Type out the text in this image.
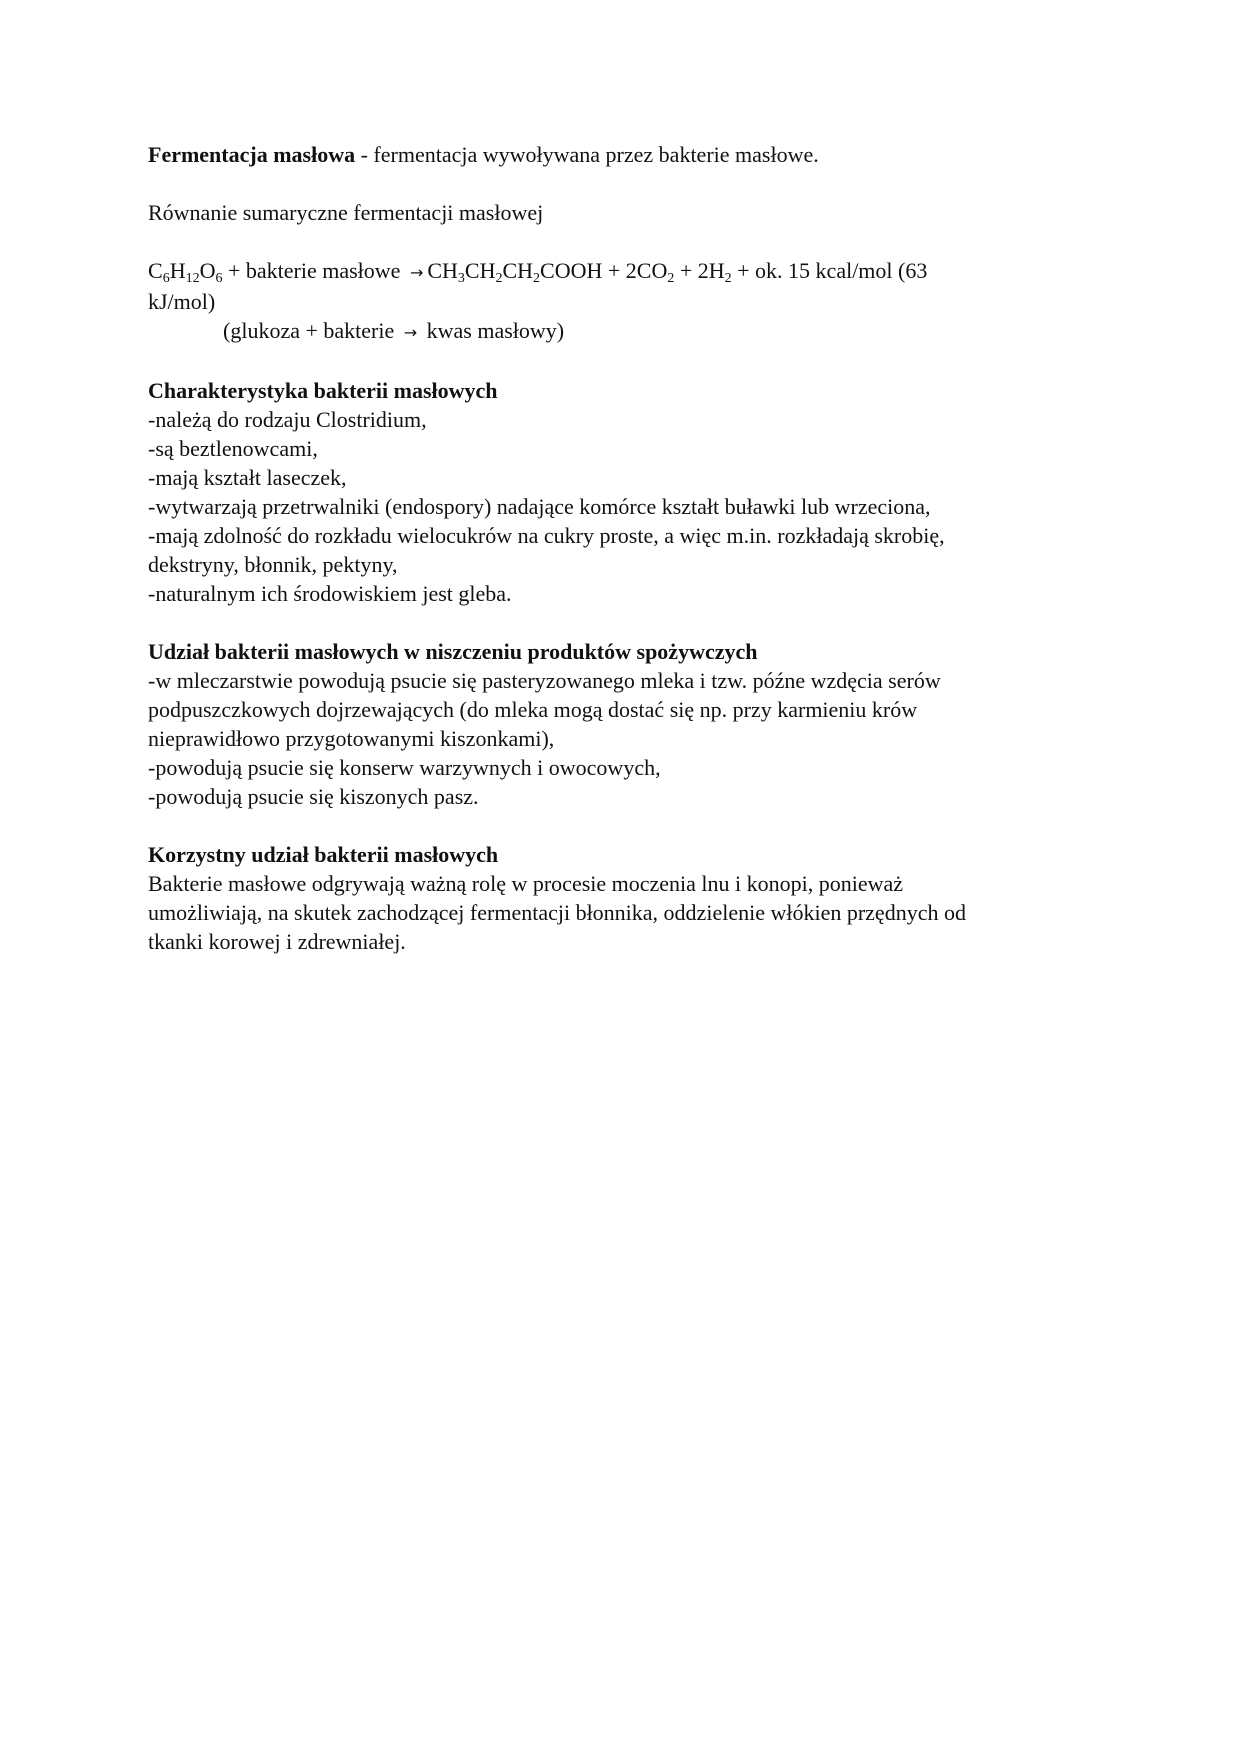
Fermentacja masłowa - fermentacja wywoływana przez bakterie masłowe.
Równanie sumaryczne fermentacji masłowej
$C_6H_{12}O_6$ + bakterie masłowe → $CH_3CH_2CH_2COOH + 2CO_2 + 2H_2$ + ok. 15 kcal/mol (63
kJ/mol)
(glukoza + bakterie → kwas masłowy)
Charakterystyka bakterii masłowych
-należą do rodzaju Clostridium,
-są beztlenowcami,
-mają kształt laseczek,
-wytwarzają przetrwalniki (endospory) nadające komórce kształt buławki lub wrzeciona,
-mają zdolność do rozkładu wielocukrów na cukry proste, a więc m.in. rozkładają skrobię,
dekstryny, błonnik, pektyny,
-naturalnym ich środowiskiem jest gleba.
Udział bakterii masłowych w niszczeniu produktów spożywczych
-w mleczarstwie powodują psucie się pasteryzowanego mleka i tzw. późne wzdęcia serów
podpuszczkowych dojrzewających (do mleka mogą dostać się np. przy karmieniu krów
nieprawidłowo przygotowanymi kiszonkami),
-powodują psucie się konserw warzywnych i owocowych,
-powodują psucie się kiszonych pasz.
Korzystny udział bakterii masłowych
Bakterie masłowe odgrywają ważną rolę w procesie moczenia lnu i konopi, ponieważ
umożliwiają, na skutek zachodzącej fermentacji błonnika, oddzielenie włókien przędnych od
tkanki korowej i zdrewniałej.
